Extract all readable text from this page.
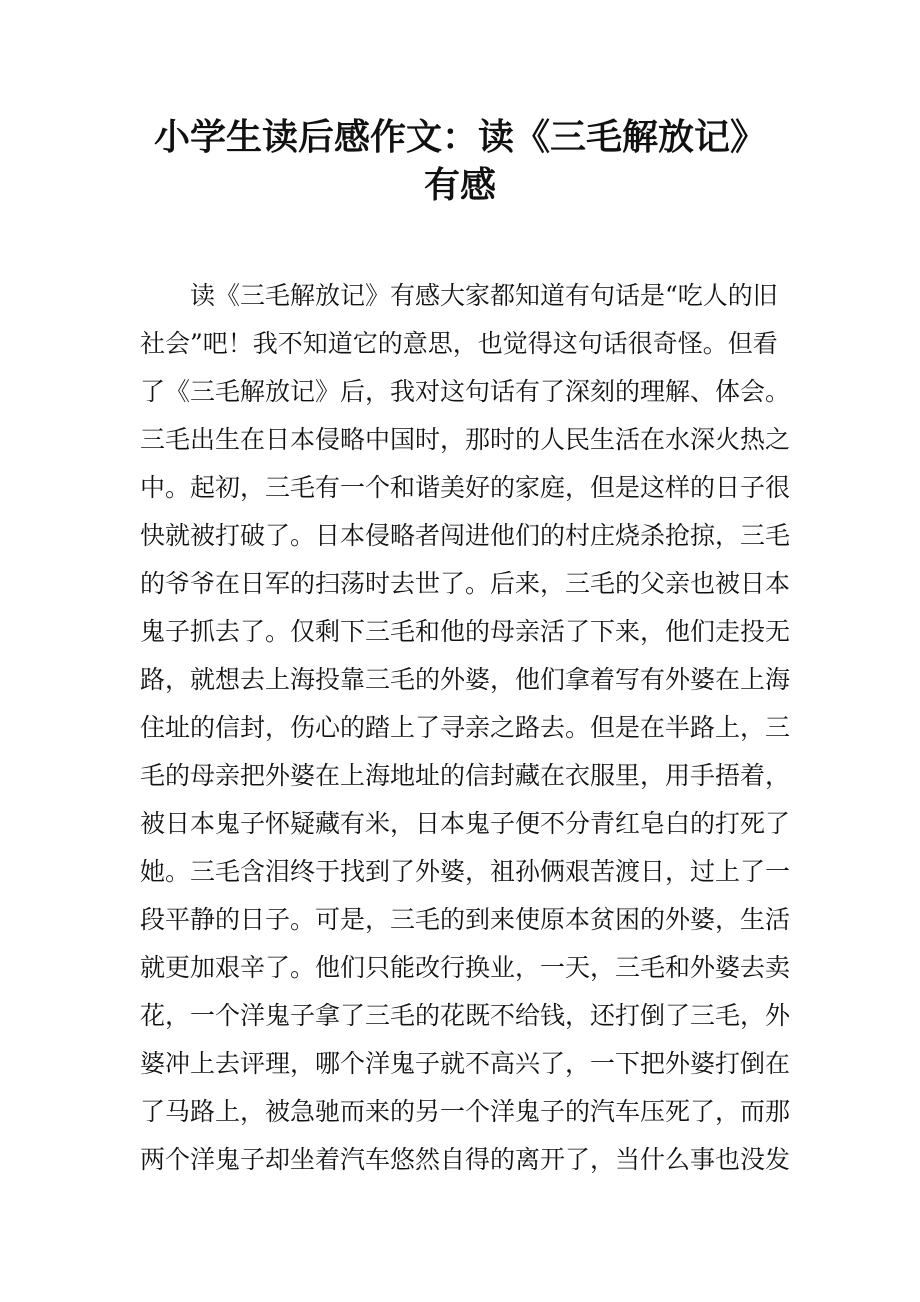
小学生读后感作文：读《三毛解放记》
有感
读《三毛解放记》有感大家都知道有句话是“吃人的旧
社会”吧！我不知道它的意思，也觉得这句话很奇怪。但看
了《三毛解放记》后，我对这句话有了深刻的理解、体会。
三毛出生在日本侵略中国时，那时的人民生活在水深火热之
中。起初，三毛有一个和谐美好的家庭，但是这样的日子很
快就被打破了。日本侵略者闯进他们的村庄烧杀抢掠，三毛
的爷爷在日军的扫荡时去世了。后来，三毛的父亲也被日本
鬼子抓去了。仅剩下三毛和他的母亲活了下来，他们走投无
路，就想去上海投靠三毛的外婆，他们拿着写有外婆在上海
住址的信封，伤心的踏上了寻亲之路去。但是在半路上，三
毛的母亲把外婆在上海地址的信封藏在衣服里，用手捂着，
被日本鬼子怀疑藏有米，日本鬼子便不分青红皂白的打死了
她。三毛含泪终于找到了外婆，祖孙俩艰苦渡日，过上了一
段平静的日子。可是，三毛的到来使原本贫困的外婆，生活
就更加艰辛了。他们只能改行换业，一天，三毛和外婆去卖
花，一个洋鬼子拿了三毛的花既不给钱，还打倒了三毛，外
婆冲上去评理，哪个洋鬼子就不高兴了，一下把外婆打倒在
了马路上，被急驰而来的另一个洋鬼子的汽车压死了，而那
两个洋鬼子却坐着汽车悠然自得的离开了，当什么事也没发
